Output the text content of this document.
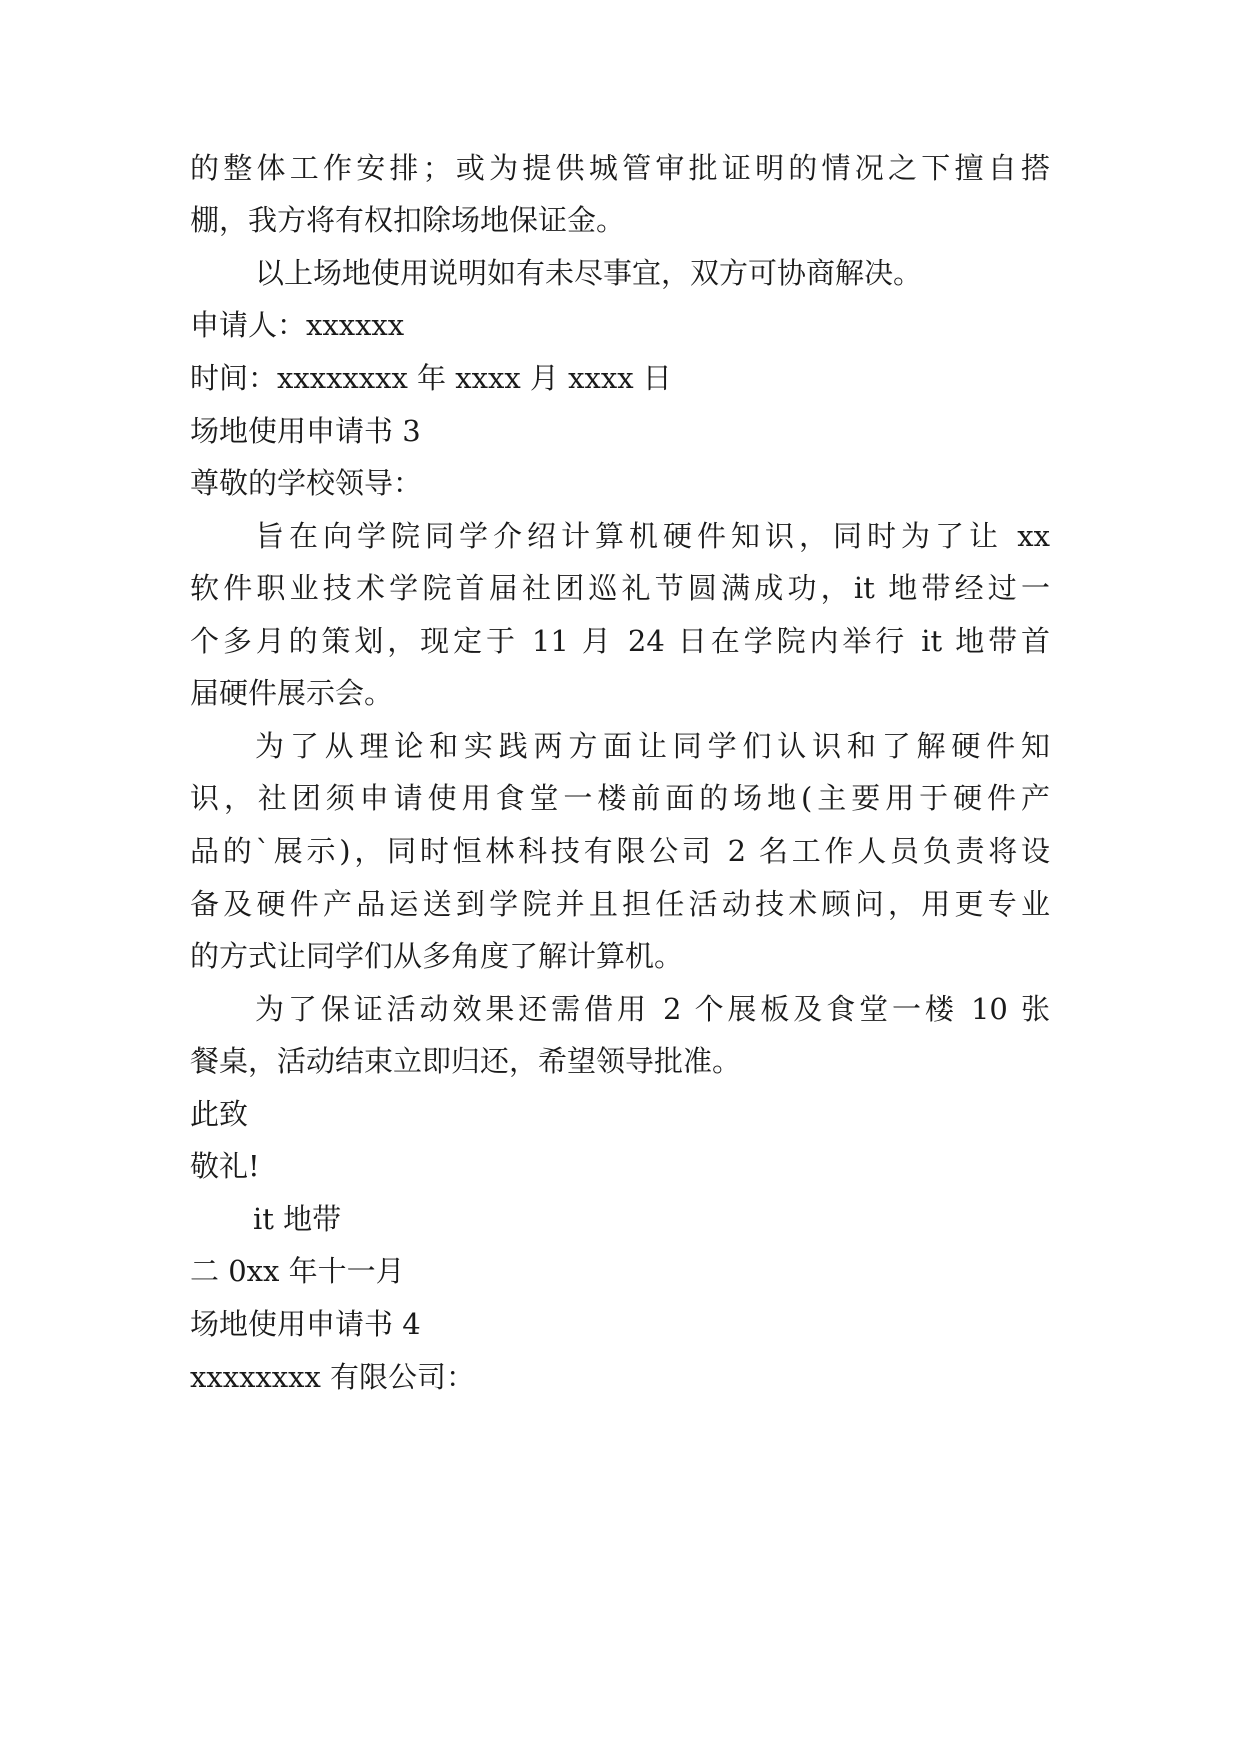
的整体工作安排；或为提供城管审批证明的情况之下擅自搭
棚，我方将有权扣除场地保证金。
以上场地使用说明如有未尽事宜，双方可协商解决。
申请人：xxxxxx
时间：xxxxxxxx 年 xxxx 月 xxxx 日
场地使用申请书 3
尊敬的学校领导：
旨在向学院同学介绍计算机硬件知识，同时为了让 xx
软件职业技术学院首届社团巡礼节圆满成功，it 地带经过一
个多月的策划，现定于 11 月 24 日在学院内举行 it 地带首
届硬件展示会。
为了从理论和实践两方面让同学们认识和了解硬件知
识，社团须申请使用食堂一楼前面的场地(主要用于硬件产
品的`展示)，同时恒林科技有限公司 2 名工作人员负责将设
备及硬件产品运送到学院并且担任活动技术顾问，用更专业
的方式让同学们从多角度了解计算机。
为了保证活动效果还需借用 2 个展板及食堂一楼 10 张
餐桌，活动结束立即归还，希望领导批准。
此致
敬礼!
it 地带
二 0xx 年十一月
场地使用申请书 4
xxxxxxxx 有限公司：
